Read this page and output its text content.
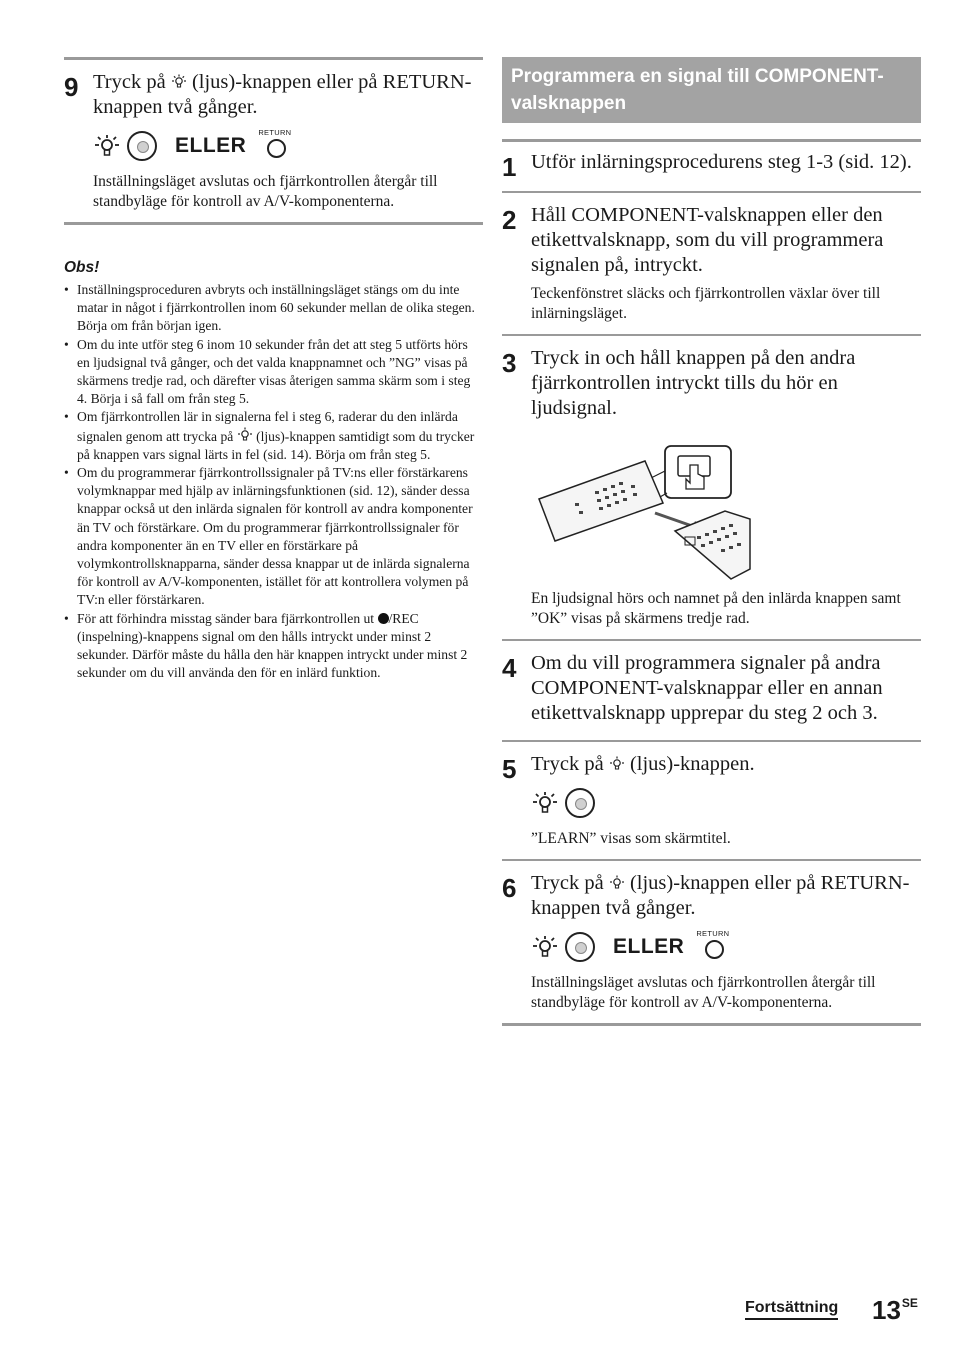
9 Tryck på (ljus)-knappen eller på RETURN-knappen två gånger.
ELLER
RETURN
Inställningsläget avslutas och fjärrkontrollen återgår till standbyläge för kontroll av A/V-komponenterna.
Obs!
• Inställningsproceduren avbryts och inställningsläget stängs om du inte matar in något i fjärrkontrollen inom 60 sekunder mellan de olika stegen. Börja om från början igen.
• Om du inte utför steg 6 inom 10 sekunder från det att steg 5 utförts hörs en ljudsignal två gånger, och det valda knappnamnet och ”NG” visas på skärmens tredje rad, och därefter visas återigen samma skärm som i steg 4. Börja i så fall om från steg 5.
• Om fjärrkontrollen lär in signalerna fel i steg 6, raderar du den inlärda signalen genom att trycka på (ljus)-knappen samtidigt som du trycker på knappen vars signal lärts in fel (sid. 14). Börja om från steg 5.
• Om du programmerar fjärrkontrollssignaler på TV:ns eller förstärkarens volymknappar med hjälp av inlärningsfunktionen (sid. 12), sänder dessa knappar också ut den inlärda signalen för kontroll av andra komponenter än TV och förstärkare. Om du programmerar fjärrkontrollssignaler för andra komponenter än en TV eller en förstärkare på volymkontrollsknapparna, sänder dessa knappar ut de inlärda signalerna för kontroll av A/V-komponenten, istället för att kontrollera volymen på TV:n eller förstärkaren.
• För att förhindra misstag sänder bara fjärrkontrollen ut /REC (inspelning)-knappens signal om den hålls intryckt under minst 2 sekunder. Därför måste du hålla den här knappen intryckt under minst 2 sekunder om du vill använda den för en inlärd funktion.
Programmera en signal till COMPONENT-valsknappen
1 Utför inlärningsprocedurens steg 1-3 (sid. 12).
2 Håll COMPONENT-valsknappen eller den etikettvalsknapp, som du vill programmera signalen på, intryckt.
Teckenfönstret släcks och fjärrkontrollen växlar över till inlärningsläget.
3 Tryck in och håll knappen på den andra fjärrkontrollen intryckt tills du hör en ljudsignal.
En ljudsignal hörs och namnet på den inlärda knappen samt ”OK” visas på skärmens tredje rad.
4 Om du vill programmera signaler på andra COMPONENT-valsknappar eller en annan etikettvalsknapp upprepar du steg 2 och 3.
5 Tryck på (ljus)-knappen.
”LEARN” visas som skärmtitel.
6 Tryck på (ljus)-knappen eller på RETURN-knappen två gånger.
ELLER
RETURN
Inställningsläget avslutas och fjärrkontrollen återgår till standbyläge för kontroll av A/V-komponenterna.
Fortsättning 13$^{SE}$
